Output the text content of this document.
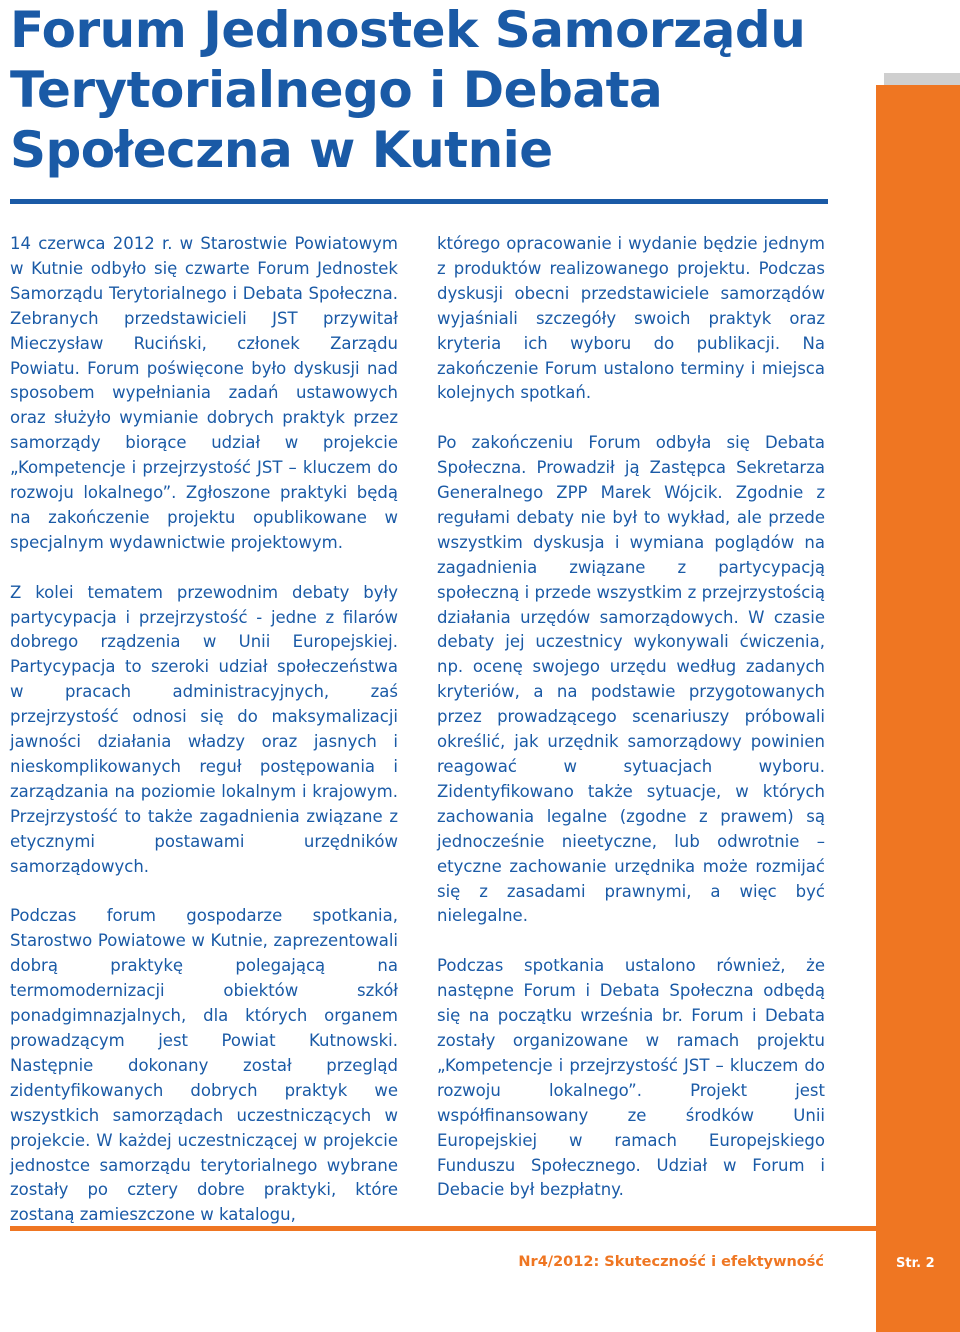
Forum Jednostek Samorządu Terytorialnego i Debata Społeczna w Kutnie

14 czerwca 2012 r. w Starostwie Powiatowym w Kutnie odbyło się czwarte Forum Jednostek Samorządu Terytorialnego i Debata Społeczna. Zebranych przedstawicieli JST przywitał Mieczysław Ruciński, członek Zarządu Powiatu. Forum poświęcone było dyskusji nad sposobem wypełniania zadań ustawowych oraz służyło wymianie dobrych praktyk przez samorządy biorące udział w projekcie „Kompetencje i przejrzystość JST – kluczem do rozwoju lokalnego”. Zgłoszone praktyki będą na zakończenie projektu opublikowane w specjalnym wydawnictwie projektowym.

Z kolei tematem przewodnim debaty były partycypacja i przejrzystość - jedne z filarów dobrego rządzenia w Unii Europejskiej. Partycypacja to szeroki udział społeczeństwa w pracach administracyjnych, zaś przejrzystość odnosi się do maksymalizacji jawności działania władzy oraz jasnych i nieskomplikowanych reguł postępowania i zarządzania na poziomie lokalnym i krajowym. Przejrzystość to także zagadnienia związane z etycznymi postawami urzędników samorządowych.

Podczas forum gospodarze spotkania, Starostwo Powiatowe w Kutnie, zaprezentowali dobrą praktykę polegającą na termomodernizacji obiektów szkół ponadgimnazjalnych, dla których organem prowadzącym jest Powiat Kutnowski. Następnie dokonany został przegląd zidentyfikowanych dobrych praktyk we wszystkich samorządach uczestniczących w projekcie. W każdej uczestniczącej w projekcie jednostce samorządu terytorialnego wybrane zostały po cztery dobre praktyki, które zostaną zamieszczone w katalogu,

którego opracowanie i wydanie będzie jednym z produktów realizowanego projektu. Podczas dyskusji obecni przedstawiciele samorządów wyjaśniali szczegóły swoich praktyk oraz kryteria ich wyboru do publikacji. Na zakończenie Forum ustalono terminy i miejsca kolejnych spotkań.

Po zakończeniu Forum odbyła się Debata Społeczna. Prowadził ją Zastępca Sekretarza Generalnego ZPP Marek Wójcik. Zgodnie z regułami debaty nie był to wykład, ale przede wszystkim dyskusja i wymiana poglądów na zagadnienia związane z partycypacją społeczną i przede wszystkim z przejrzystością działania urzędów samorządowych. W czasie debaty jej uczestnicy wykonywali ćwiczenia, np. ocenę swojego urzędu według zadanych kryteriów, a na podstawie przygotowanych przez prowadzącego scenariuszy próbowali określić, jak urzędnik samorządowy powinien reagować w sytuacjach wyboru. Zidentyfikowano także sytuacje, w których zachowania legalne (zgodne z prawem) są jednocześnie nieetyczne, lub odwrotnie – etyczne zachowanie urzędnika może rozmijać się z zasadami prawnymi, a więc być nielegalne.

Podczas spotkania ustalono również, że następne Forum i Debata Społeczna odbędą się na początku września br. Forum i Debata zostały organizowane w ramach projektu „Kompetencje i przejrzystość JST – kluczem do rozwoju lokalnego”. Projekt jest współfinansowany ze środków Unii Europejskiej w ramach Europejskiego Funduszu Społecznego. Udział w Forum i Debacie był bezpłatny.

Nr4/2012: Skuteczność i efektywność	Str. 2
